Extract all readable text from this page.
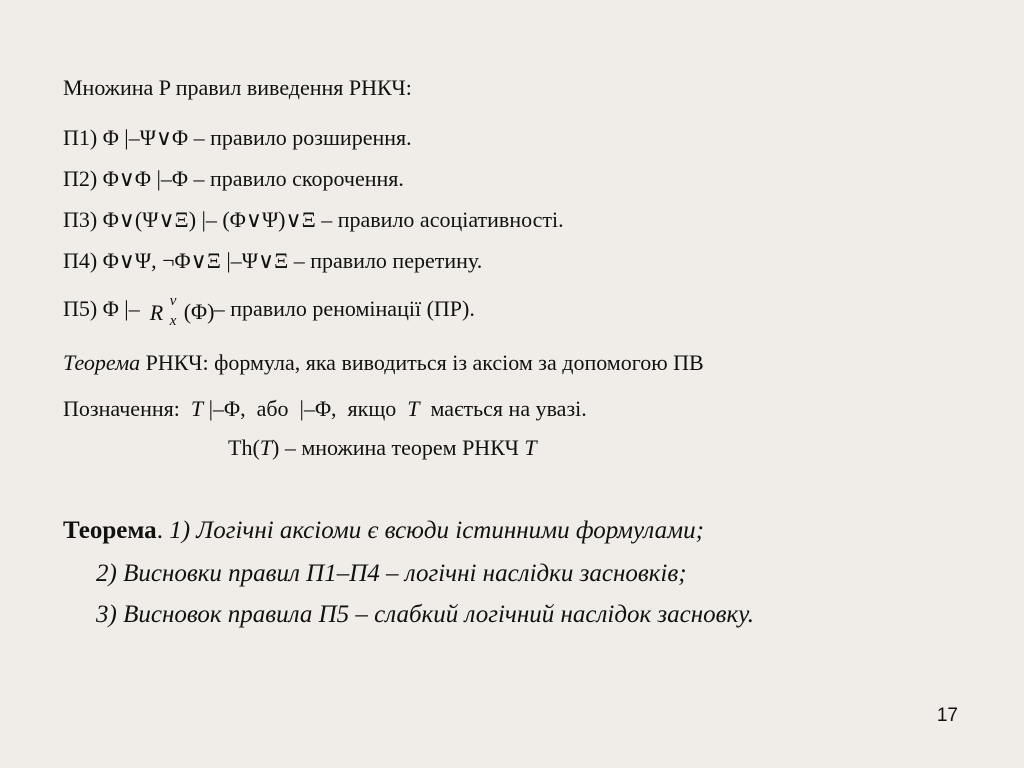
Множина P правил виведення РНКЧ:
П1) Φ |–Ψ∨Φ – правило розширення.
П2) Φ∨Φ |–Φ – правило скорочення.
П3) Φ∨(Ψ∨Ξ) |– (Φ∨Ψ)∨Ξ – правило асоціативності.
П4) Φ∨Ψ, ¬Φ∨Ξ |–Ψ∨Ξ – правило перетину.
П5) Φ |– R v
x (Φ) – правило реномінації (ПР).
Теорема РНКЧ: формула, яка виводиться із аксіом за допомогою ПВ
Позначення:  T |–Φ,  або  |–Φ,  якщо  T  мається на увазі.
Th(T) – множина теорем РНКЧ T
Теорема. 1) Логічні аксіоми є всюди істинними формулами;
2) Висновки правил П1–П4 – логічні наслідки засновків;
3) Висновок правила П5 – слабкий логічний наслідок засновку.
17
